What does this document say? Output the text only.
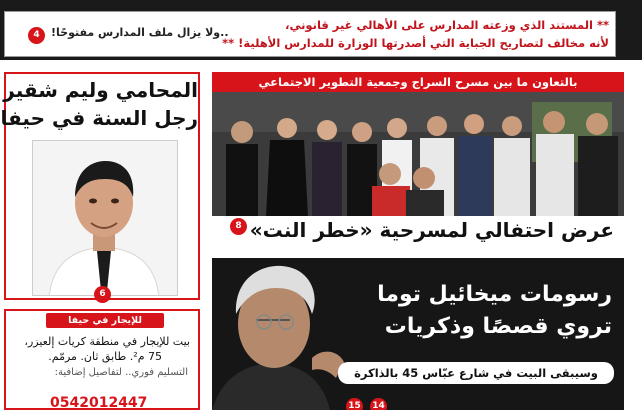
** المستند الذي وزعته المدارس على الأهالي غير قانوني،
لأنه مخالف لتصاريح الجباية التي أصدرتها الوزارة للمدارس الأهلية! **
..ولا يزال ملف المدارس مفتوحًا!
4
المحامي وليم شقير
رجل السنة في حيفا
6
للإيجار في حيفا
بيت للإيجار في منطقة كريات إلعيزر،
75 م². طابق ثان. مرمّم.
التسليم فوري.. لتفاصيل إضافية:
0542012447
بالتعاون ما بين مسرح السراج وجمعية التطوير الاجتماعي
عرض احتفالي لمسرحية «خطر النت»
8
رسومات ميخائيل توما
تروي قصصًا وذكريات
وسيبقى البيت في شارع عبّاس 45 بالذاكرة
15 14
